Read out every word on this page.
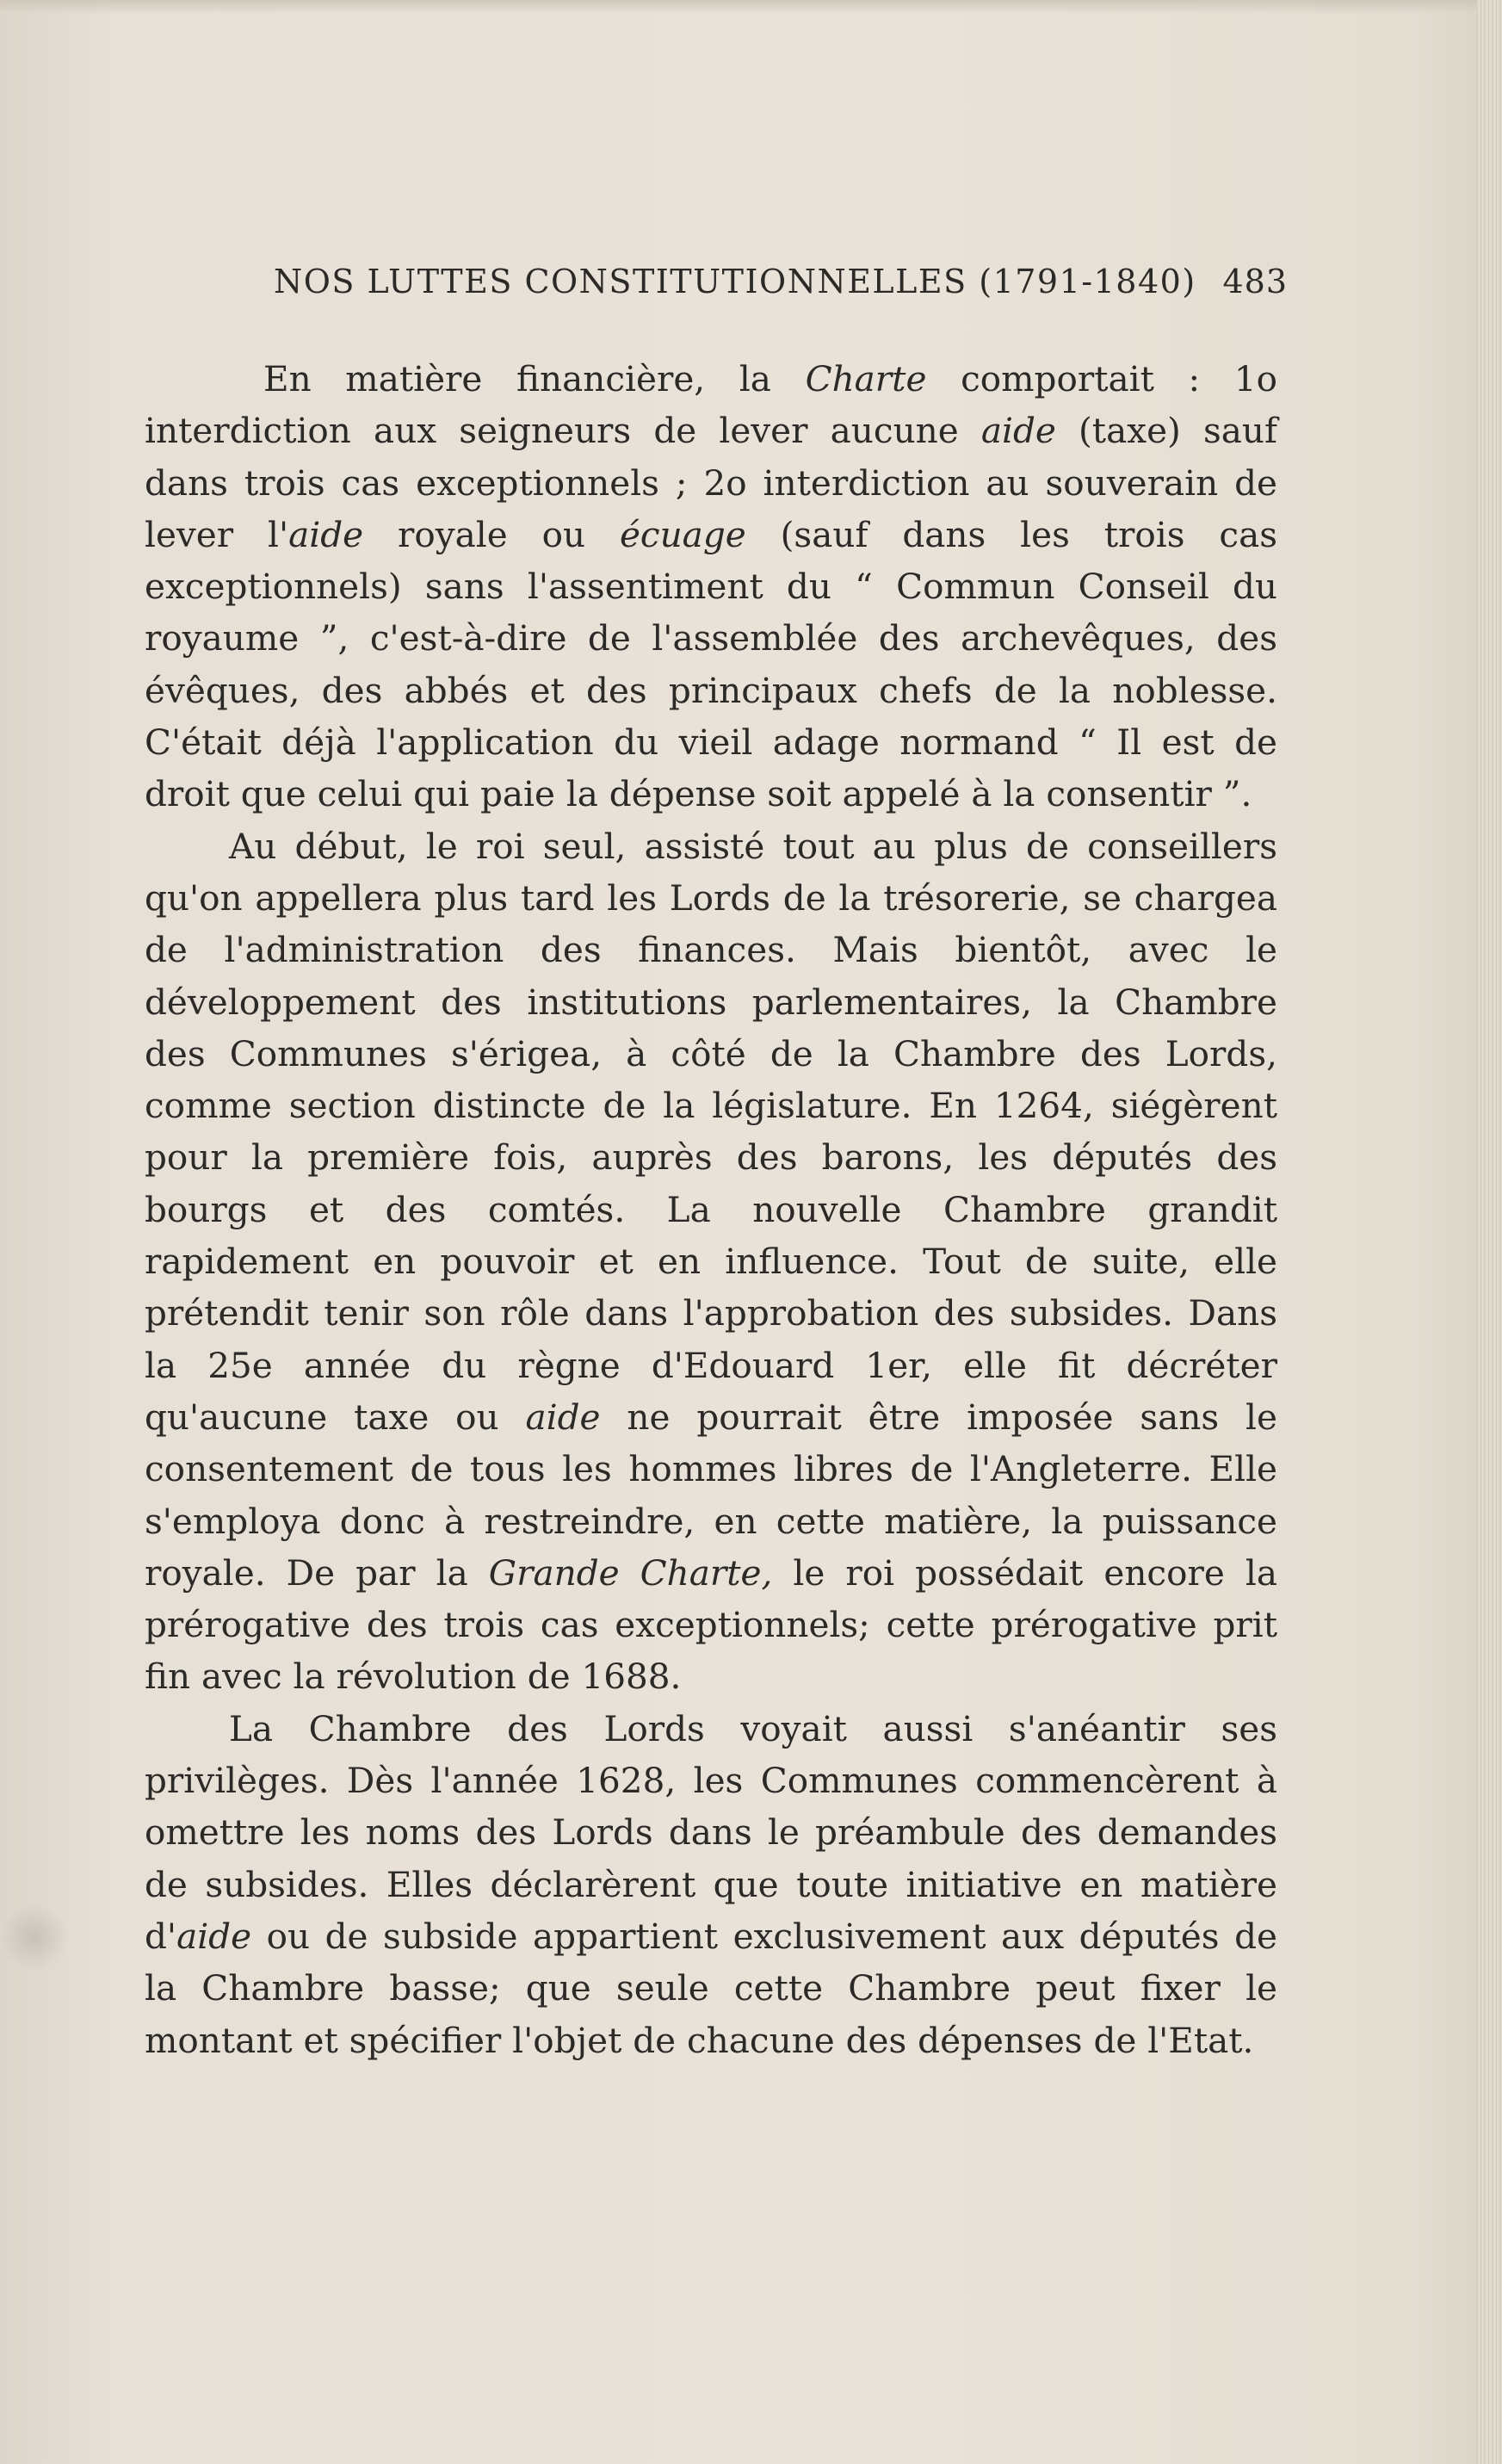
NOS LUTTES CONSTITUTIONNELLES (1791-1840) 483

En matière financière, la Charte comportait : 1o interdiction aux seigneurs de lever aucune aide (taxe) sauf dans trois cas exceptionnels ; 2o interdiction au souverain de lever l'aide royale ou écuage (sauf dans les trois cas exceptionnels) sans l'assentiment du “ Commun Conseil du royaume ”, c'est-à-dire de l'assemblée des archevêques, des évêques, des abbés et des principaux chefs de la noblesse. C'était déjà l'application du vieil adage normand “ Il est de droit que celui qui paie la dépense soit appelé à la consentir ”.

Au début, le roi seul, assisté tout au plus de conseillers qu'on appellera plus tard les Lords de la trésorerie, se chargea de l'administration des finances. Mais bientôt, avec le développement des institutions parlementaires, la Chambre des Communes s'érigea, à côté de la Chambre des Lords, comme section distincte de la législature. En 1264, siégèrent pour la première fois, auprès des barons, les députés des bourgs et des comtés. La nouvelle Chambre grandit rapidement en pouvoir et en influence. Tout de suite, elle prétendit tenir son rôle dans l'approbation des subsides. Dans la 25e année du règne d'Edouard 1er, elle fit décréter qu'aucune taxe ou aide ne pourrait être imposée sans le consentement de tous les hommes libres de l'Angleterre. Elle s'employa donc à restreindre, en cette matière, la puissance royale. De par la Grande Charte, le roi possédait encore la prérogative des trois cas exceptionnels; cette prérogative prit fin avec la révolution de 1688.

La Chambre des Lords voyait aussi s'anéantir ses privilèges. Dès l'année 1628, les Communes commencèrent à omettre les noms des Lords dans le préambule des demandes de subsides. Elles déclarèrent que toute initiative en matière d'aide ou de subside appartient exclusivement aux députés de la Chambre basse; que seule cette Chambre peut fixer le montant et spécifier l'objet de chacune des dépenses de l'Etat.
